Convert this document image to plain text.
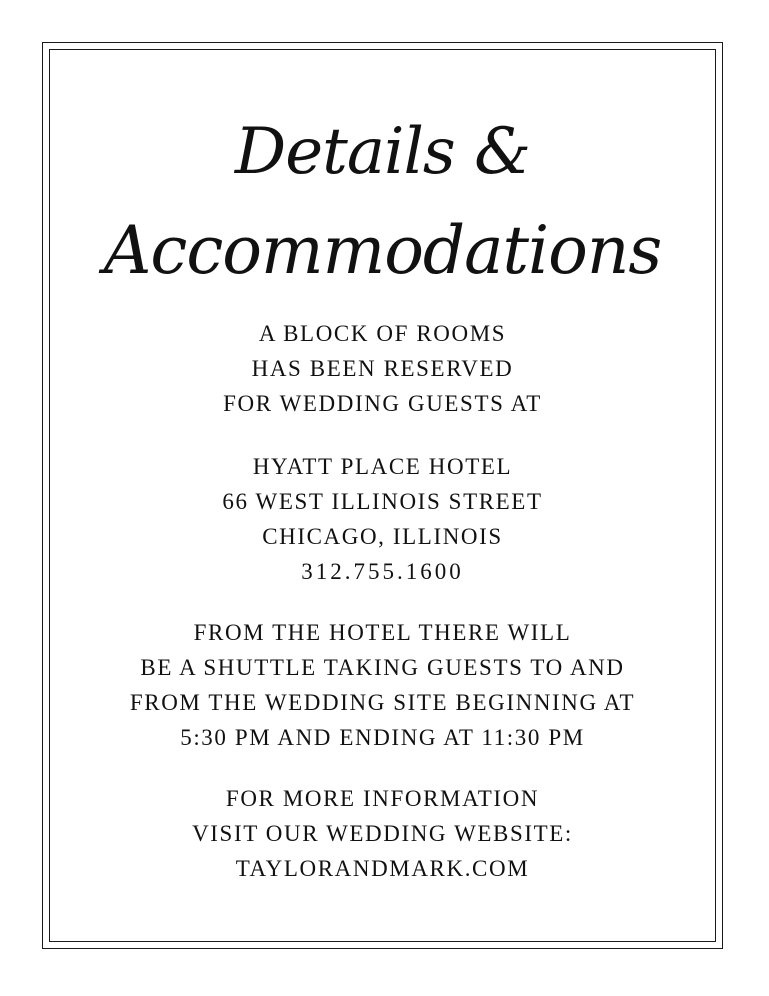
Details &
Accommodations
A BLOCK OF ROOMS
HAS BEEN RESERVED
FOR WEDDING GUESTS AT
HYATT PLACE HOTEL
66 WEST ILLINOIS STREET
CHICAGO, ILLINOIS
312.755.1600
FROM THE HOTEL THERE WILL
BE A SHUTTLE TAKING GUESTS TO AND
FROM THE WEDDING SITE BEGINNING AT
5:30 PM AND ENDING AT 11:30 PM
FOR MORE INFORMATION
VISIT OUR WEDDING WEBSITE:
TAYLORANDMARK.COM
